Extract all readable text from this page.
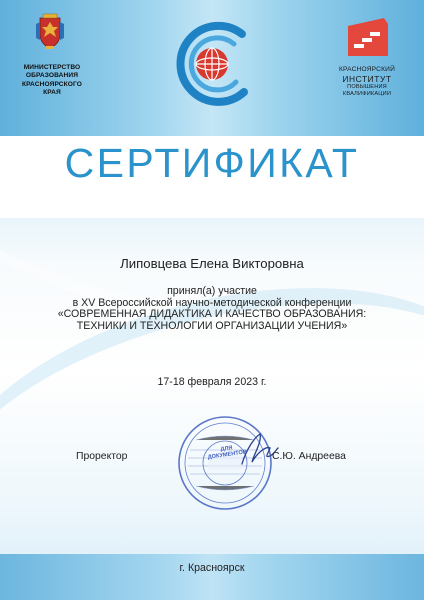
МИНИСТЕРСТВО
ОБРАЗОВАНИЯ
КРАСНОЯРСКОГО
КРАЯ
КРАСНОЯРСКИЙ
ИНСТИТУТ
ПОВЫШЕНИЯ
КВАЛИФИКАЦИИ
СЕРТИФИКАТ
Липовцева Елена Викторовна
принял(а) участие
в XV Всероссийской научно-методической конференции
«СОВРЕМЕННАЯ ДИДАКТИКА И КАЧЕСТВО ОБРАЗОВАНИЯ:
ТЕХНИКИ И ТЕХНОЛОГИИ ОРГАНИЗАЦИИ УЧЕНИЯ»
17-18 февраля 2023 г.
ДЛЯ ДОКУМЕНТОВ
Проректор	С.Ю. Андреева
г. Красноярск
